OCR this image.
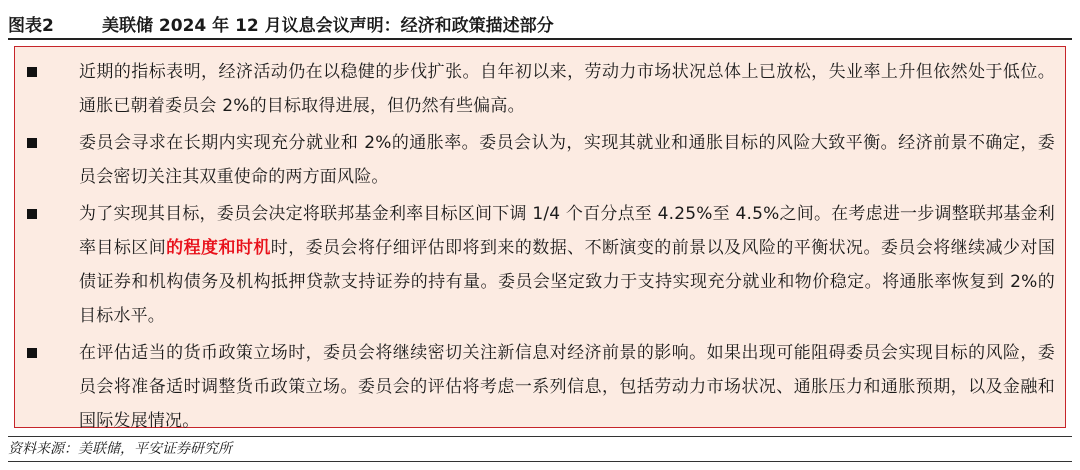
图表2	美联储 2024 年 12 月议息会议声明：经济和政策描述部分
近期的指标表明，经济活动仍在以稳健的步伐扩张。自年初以来，劳动力市场状况总体上已放松，失业率上升但依然处于低位。通胀已朝着委员会 2%的目标取得进展，但仍然有些偏高。
委员会寻求在长期内实现充分就业和 2%的通胀率。委员会认为，实现其就业和通胀目标的风险大致平衡。经济前景不确定，委员会密切关注其双重使命的两方面风险。
为了实现其目标，委员会决定将联邦基金利率目标区间下调 1/4 个百分点至 4.25%至 4.5%之间。在考虑进一步调整联邦基金利率目标区间的程度和时机时，委员会将仔细评估即将到来的数据、不断演变的前景以及风险的平衡状况。委员会将继续减少对国债证券和机构债务及机构抵押贷款支持证券的持有量。委员会坚定致力于支持实现充分就业和物价稳定。将通胀率恢复到 2%的目标水平。
在评估适当的货币政策立场时，委员会将继续密切关注新信息对经济前景的影响。如果出现可能阻碍委员会实现目标的风险，委员会将准备适时调整货币政策立场。委员会的评估将考虑一系列信息，包括劳动力市场状况、通胀压力和通胀预期，以及金融和国际发展情况。
资料来源：美联储，平安证券研究所
